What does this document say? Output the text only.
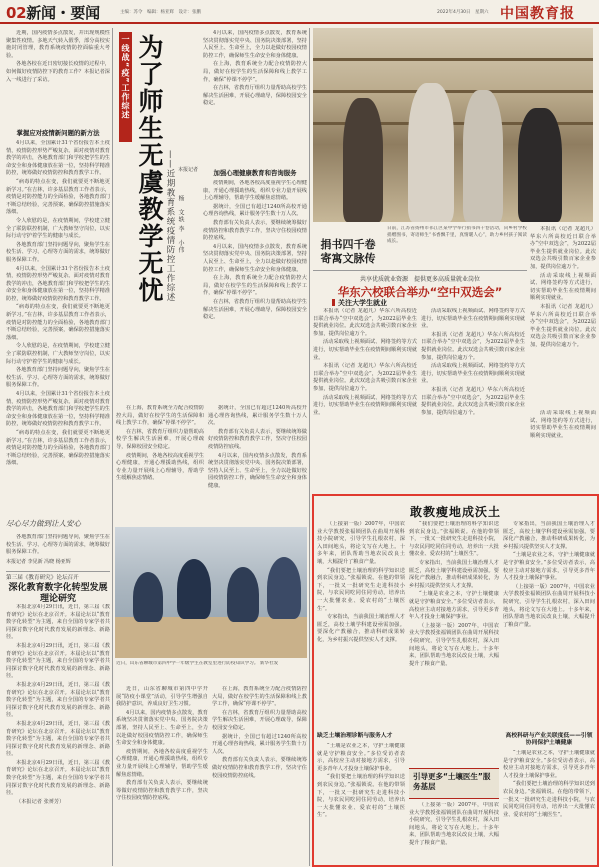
02新闻・要闻	主编：苏令　编辑：杨亚辉　设计：张鹏	2022年4月30日　星期六 中国教育报

近期，国内疫情多点散发，并出现规模性聚集性疫情。多地天气转入假季，部分高校实施封闭管理，教育系统疫情防控面临重大考验。

各地各校在近日密切接长疫情的过程中，如何做好疫情防控下的教育工作？本报记者深入一线进行了采访。

掌握应对疫情新问题的新方法

4月以来，全国累计31个省份报告本土疫情，疫情防控形势严峻复杂。面对疫情对教育教学的冲击，各地教育部门和学校把学生的生命安全和身体健康放在第一位，坚持科学精准防控，统筹做好疫情防控和教育教学工作。

“病毒的特点在变，我们就要更不断地更新学习。”在吉林，许多基层教育工作者表示，疫情是对防控能力的全面检验，各地教育部门不断总结经验，完善预案，确保防控措施落实落细。

令人欣慰的是，在疫情期间，学校建立健全了联防联控机制，广大教师坚守岗位，以实际行动守护着学生的健康与成长。

各地教育部门坚持问题导向，聚焦学生在校生活、学习、心理等方面的需求，统筹做好服务保障工作。

4月以来，全国累计31个省份报告本土疫情，疫情防控形势严峻复杂。面对疫情对教育教学的冲击，各地教育部门和学校把学生的生命安全和身体健康放在第一位，坚持科学精准防控，统筹做好疫情防控和教育教学工作。

“病毒的特点在变，我们就要更不断地更新学习。”在吉林，许多基层教育工作者表示，疫情是对防控能力的全面检验，各地教育部门不断总结经验，完善预案，确保防控措施落实落细。

令人欣慰的是，在疫情期间，学校建立健全了联防联控机制，广大教师坚守岗位，以实际行动守护着学生的健康与成长。

各地教育部门坚持问题导向，聚焦学生在校生活、学习、心理等方面的需求，统筹做好服务保障工作。

4月以来，全国累计31个省份报告本土疫情，疫情防控形势严峻复杂。面对疫情对教育教学的冲击，各地教育部门和学校把学生的生命安全和身体健康放在第一位，坚持科学精准防控，统筹做好疫情防控和教育教学工作。

“病毒的特点在变，我们就要更不断地更新学习。”在吉林，许多基层教育工作者表示，疫情是对防控能力的全面检验，各地教育部门不断总结经验，完善预案，确保防控措施落实落细。

尽心尽力做到让人安心

各地教育部门坚持问题导向，聚焦学生在校生活、学习、心理等方面的需求，统筹做好服务保障工作。

本报记者 李见新 冯晓 杨亚辉

第三届《教育研究》论坛召开
深化教育数字化转型发展理论研究

本报北京4月29日讯，近日，第三届《教育研究》论坛在北京召开。本届论坛以“教育数字化转型”为主题，来自全国的专家学者共同探讨数字化时代教育发展的新理念、新路径。

本报北京4月29日讯，近日，第三届《教育研究》论坛在北京召开。本届论坛以“教育数字化转型”为主题，来自全国的专家学者共同探讨数字化时代教育发展的新理念、新路径。

本报北京4月29日讯，近日，第三届《教育研究》论坛在北京召开。本届论坛以“教育数字化转型”为主题，来自全国的专家学者共同探讨数字化时代教育发展的新理念、新路径。

本报北京4月29日讯，近日，第三届《教育研究》论坛在北京召开。本届论坛以“教育数字化转型”为主题，来自全国的专家学者共同探讨数字化时代教育发展的新理念、新路径。

本报北京4月29日讯，近日，第三届《教育研究》论坛在北京召开。本届论坛以“教育数字化转型”为主题，来自全国的专家学者共同探讨数字化时代教育发展的新理念、新路径。

（本报记者 张赟芳）

一线战“疫”工作综述 为了师生无虞教学无忧 ——近期教育系统疫情防控工作综述 本报记者
杨　文轶 李　小伟

4月以来，国内疫情多点散发，教育系统坚决贯彻落实党中央、国务院决策部署，坚持人民至上、生命至上，全力以赴做好校园疫情防控工作，确保师生生命安全和身体健康。

在上海，教育系统全力配合疫情防控大局，做好在校学生的生活保障和线上教学工作，确保“停课不停学”。

在吉林，省教育厅组织力量帮助高校学生解决生活困难，开展心理疏导，保障校园安全稳定。

加强心理健康教育和咨询服务

疫情期间，各地各校高度重视学生心理健康，开通心理援助热线，组织专业力量开展线上心理辅导，帮助学生缓解焦虑情绪。

据统计，全国已有超过1240所高校开通心理咨询热线，累计服务学生数十万人次。

教育部有关负责人表示，要继续统筹做好疫情防控和教育教学工作，坚决守住校园疫情防控底线。

4月以来，国内疫情多点散发，教育系统坚决贯彻落实党中央、国务院决策部署，坚持人民至上、生命至上，全力以赴做好校园疫情防控工作，确保师生生命安全和身体健康。

在上海，教育系统全力配合疫情防控大局，做好在校学生的生活保障和线上教学工作，确保“停课不停学”。

在吉林，省教育厅组织力量帮助高校学生解决生活困难，开展心理疏导，保障校园安全稳定。

在上海，教育系统全力配合疫情防控大局，做好在校学生的生活保障和线上教学工作，确保“停课不停学”。

在吉林，省教育厅组织力量帮助高校学生解决生活困难，开展心理疏导，保障校园安全稳定。

疫情期间，各地各校高度重视学生心理健康，开通心理援助热线，组织专业力量开展线上心理辅导，帮助学生缓解焦虑情绪。

据统计，全国已有超过1240所高校开通心理咨询热线，累计服务学生数十万人次。

教育部有关负责人表示，要继续统筹做好疫情防控和教育教学工作，坚决守住校园疫情防控底线。

4月以来，国内疫情多点散发，教育系统坚决贯彻落实党中央、国务院决策部署，坚持人民至上、生命至上，全力以赴做好校园疫情防控工作，确保师生生命安全和身体健康。

近日，山东省聊城市第四中学一年级学生在教室里进行防疫知识学习。 新华社发

近日，山东省聊城市第四中学开展“防疫小课堂”活动，引导学生增强自我防护意识，养成良好卫生习惯。

4月以来，国内疫情多点散发，教育系统坚决贯彻落实党中央、国务院决策部署，坚持人民至上、生命至上，全力以赴做好校园疫情防控工作，确保师生生命安全和身体健康。

疫情期间，各地各校高度重视学生心理健康，开通心理援助热线，组织专业力量开展线上心理辅导，帮助学生缓解焦虑情绪。

教育部有关负责人表示，要继续统筹做好疫情防控和教育教学工作，坚决守住校园疫情防控底线。

在上海，教育系统全力配合疫情防控大局，做好在校学生的生活保障和线上教学工作，确保“停课不停学”。

在吉林，省教育厅组织力量帮助高校学生解决生活困难，开展心理疏导，保障校园安全稳定。

据统计，全国已有超过1240所高校开通心理咨询热线，累计服务学生数十万人次。

教育部有关负责人表示，要继续统筹做好疫情防控和教育教学工作，坚决守住校园疫情防控底线。

捐书四千卷　寄寓文脉传
日前，江苏省扬州市邗江区某中学举行捐书四千卷活动，向乡村学校捐赠图书，寄语师生“书香飘千里，真情暖人心”，助力乡村孩子阅读成长。

本报讯（记者 龙超凡）华东六所高校近日联合举办“空中双选会”，为2022届毕业生提供就业岗位。此次双选会共吸引数百家企业参加，提供岗位逾万个。

活动采取线上视频面试、网络签约等方式进行，切实帮助毕业生在疫情期间顺利实现就业。

本报讯（记者 龙超凡）华东六所高校近日联合举办“空中双选会”，为2022届毕业生提供就业岗位。此次双选会共吸引数百家企业参加，提供岗位逾万个。

共享优质就业资源　提供更多高质量就业岗位
华东六校联合举办“空中双选会”
关注大学生就业

本报讯（记者 龙超凡）华东六所高校近日联合举办“空中双选会”，为2022届毕业生提供就业岗位。此次双选会共吸引数百家企业参加，提供岗位逾万个。

活动采取线上视频面试、网络签约等方式进行，切实帮助毕业生在疫情期间顺利实现就业。

本报讯（记者 龙超凡）华东六所高校近日联合举办“空中双选会”，为2022届毕业生提供就业岗位。此次双选会共吸引数百家企业参加，提供岗位逾万个。

活动采取线上视频面试、网络签约等方式进行，切实帮助毕业生在疫情期间顺利实现就业。

活动采取线上视频面试、网络签约等方式进行，切实帮助毕业生在疫情期间顺利实现就业。

本报讯（记者 龙超凡）华东六所高校近日联合举办“空中双选会”，为2022届毕业生提供就业岗位。此次双选会共吸引数百家企业参加，提供岗位逾万个。

活动采取线上视频面试、网络签约等方式进行，切实帮助毕业生在疫情期间顺利实现就业。

本报讯（记者 龙超凡）华东六所高校近日联合举办“空中双选会”，为2022届毕业生提供就业岗位。此次双选会共吸引数百家企业参加，提供岗位逾万个。	活动采取线上视频面试、网络签约等方式进行，切实帮助毕业生在疫情期间顺利实现就业。

敢教瘦地成沃土

（上接第一版）2007年，中国农业大学教授张福锁团队在曲周开展科技小院研究，引导学生扎根农村，深入田间地头，将论文写在大地上。十多年来，团队帮助当地农民改良土壤，大幅提升了粮食产量。

“我们要把土壤治理的科学知识送到农民身边。”张福锁说。在他的带领下，一批又一批研究生走进科技小院，与农民同吃同住同劳动，培养出一大批懂农业、爱农村的“土壤医生”。

专家指出，当前我国土壤治理人才匮乏，高校土壤学科建设亟需加强。要深化产教融合，推动科研成果转化，为乡村振兴提供坚实人才支撑。

“我们要把土壤治理的科学知识送到农民身边。”张福锁说。在他的带领下，一批又一批研究生走进科技小院，与农民同吃同住同劳动，培养出一大批懂农业、爱农村的“土壤医生”。

专家指出，当前我国土壤治理人才匮乏，高校土壤学科建设亟需加强。要深化产教融合，推动科研成果转化，为乡村振兴提供坚实人才支撑。

“土壤是农业之本，守护土壤健康就是守护粮食安全。”多位受访者表示，高校应主动对接地方需求，引导更多青年人才投身土壤保护事业。

（上接第一版）2007年，中国农业大学教授张福锁团队在曲周开展科技小院研究，引导学生扎根农村，深入田间地头，将论文写在大地上。十多年来，团队帮助当地农民改良土壤，大幅提升了粮食产量。

专家指出，当前我国土壤治理人才匮乏，高校土壤学科建设亟需加强。要深化产教融合，推动科研成果转化，为乡村振兴提供坚实人才支撑。

“土壤是农业之本，守护土壤健康就是守护粮食安全。”多位受访者表示，高校应主动对接地方需求，引导更多青年人才投身土壤保护事业。

（上接第一版）2007年，中国农业大学教授张福锁团队在曲周开展科技小院研究，引导学生扎根农村，深入田间地头，将论文写在大地上。十多年来，团队帮助当地农民改良土壤，大幅提升了粮食产量。

缺乏土壤治理诊断与服务人才
引导更多“土壤医生”服务基层
高校科研与产业关联度低——引领协同保护土壤健康

“土壤是农业之本，守护土壤健康就是守护粮食安全。”多位受访者表示，高校应主动对接地方需求，引导更多青年人才投身土壤保护事业。

“我们要把土壤治理的科学知识送到农民身边。”张福锁说。在他的带领下，一批又一批研究生走进科技小院，与农民同吃同住同劳动，培养出一大批懂农业、爱农村的“土壤医生”。

（上接第一版）2007年，中国农业大学教授张福锁团队在曲周开展科技小院研究，引导学生扎根农村，深入田间地头，将论文写在大地上。十多年来，团队帮助当地农民改良土壤，大幅提升了粮食产量。

“土壤是农业之本，守护土壤健康就是守护粮食安全。”多位受访者表示，高校应主动对接地方需求，引导更多青年人才投身土壤保护事业。

“我们要把土壤治理的科学知识送到农民身边。”张福锁说。在他的带领下，一批又一批研究生走进科技小院，与农民同吃同住同劳动，培养出一大批懂农业、爱农村的“土壤医生”。
